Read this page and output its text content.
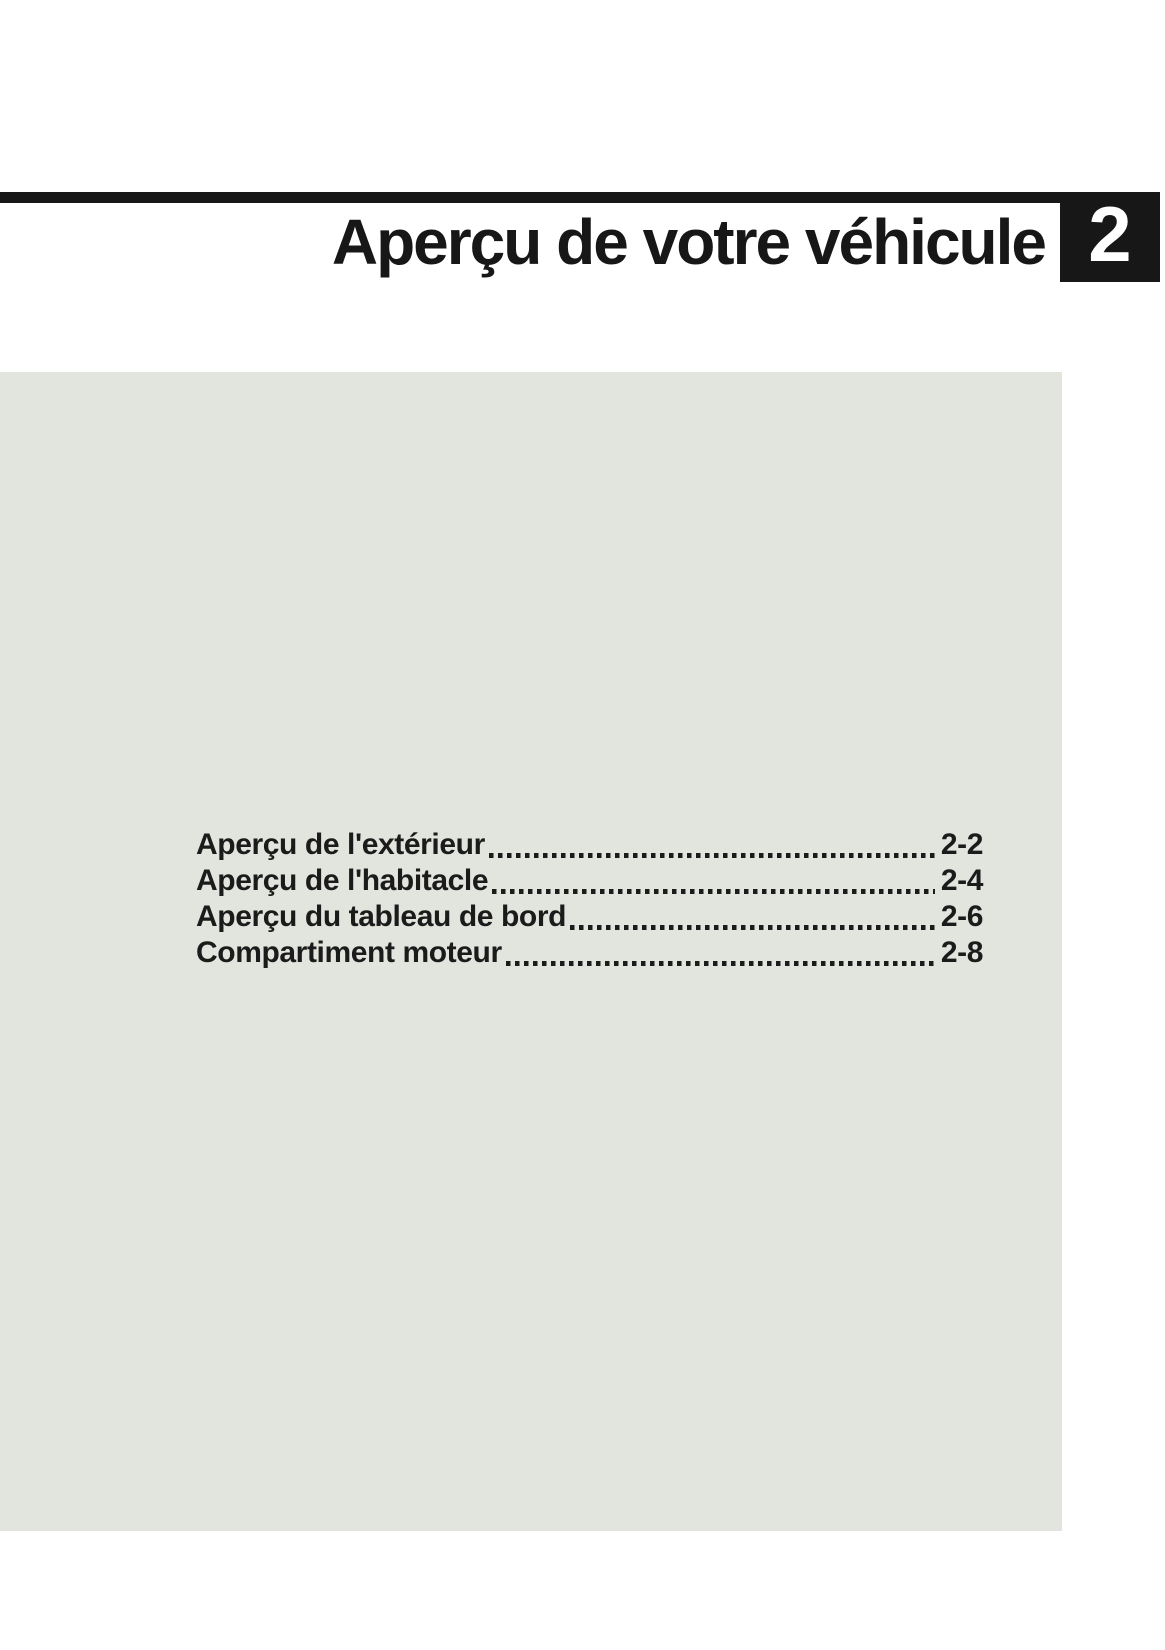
Aperçu de votre véhicule 2
Aperçu de l'extérieur	2-2
Aperçu de l'habitacle	2-4
Aperçu du tableau de bord	2-6
Compartiment moteur	2-8
